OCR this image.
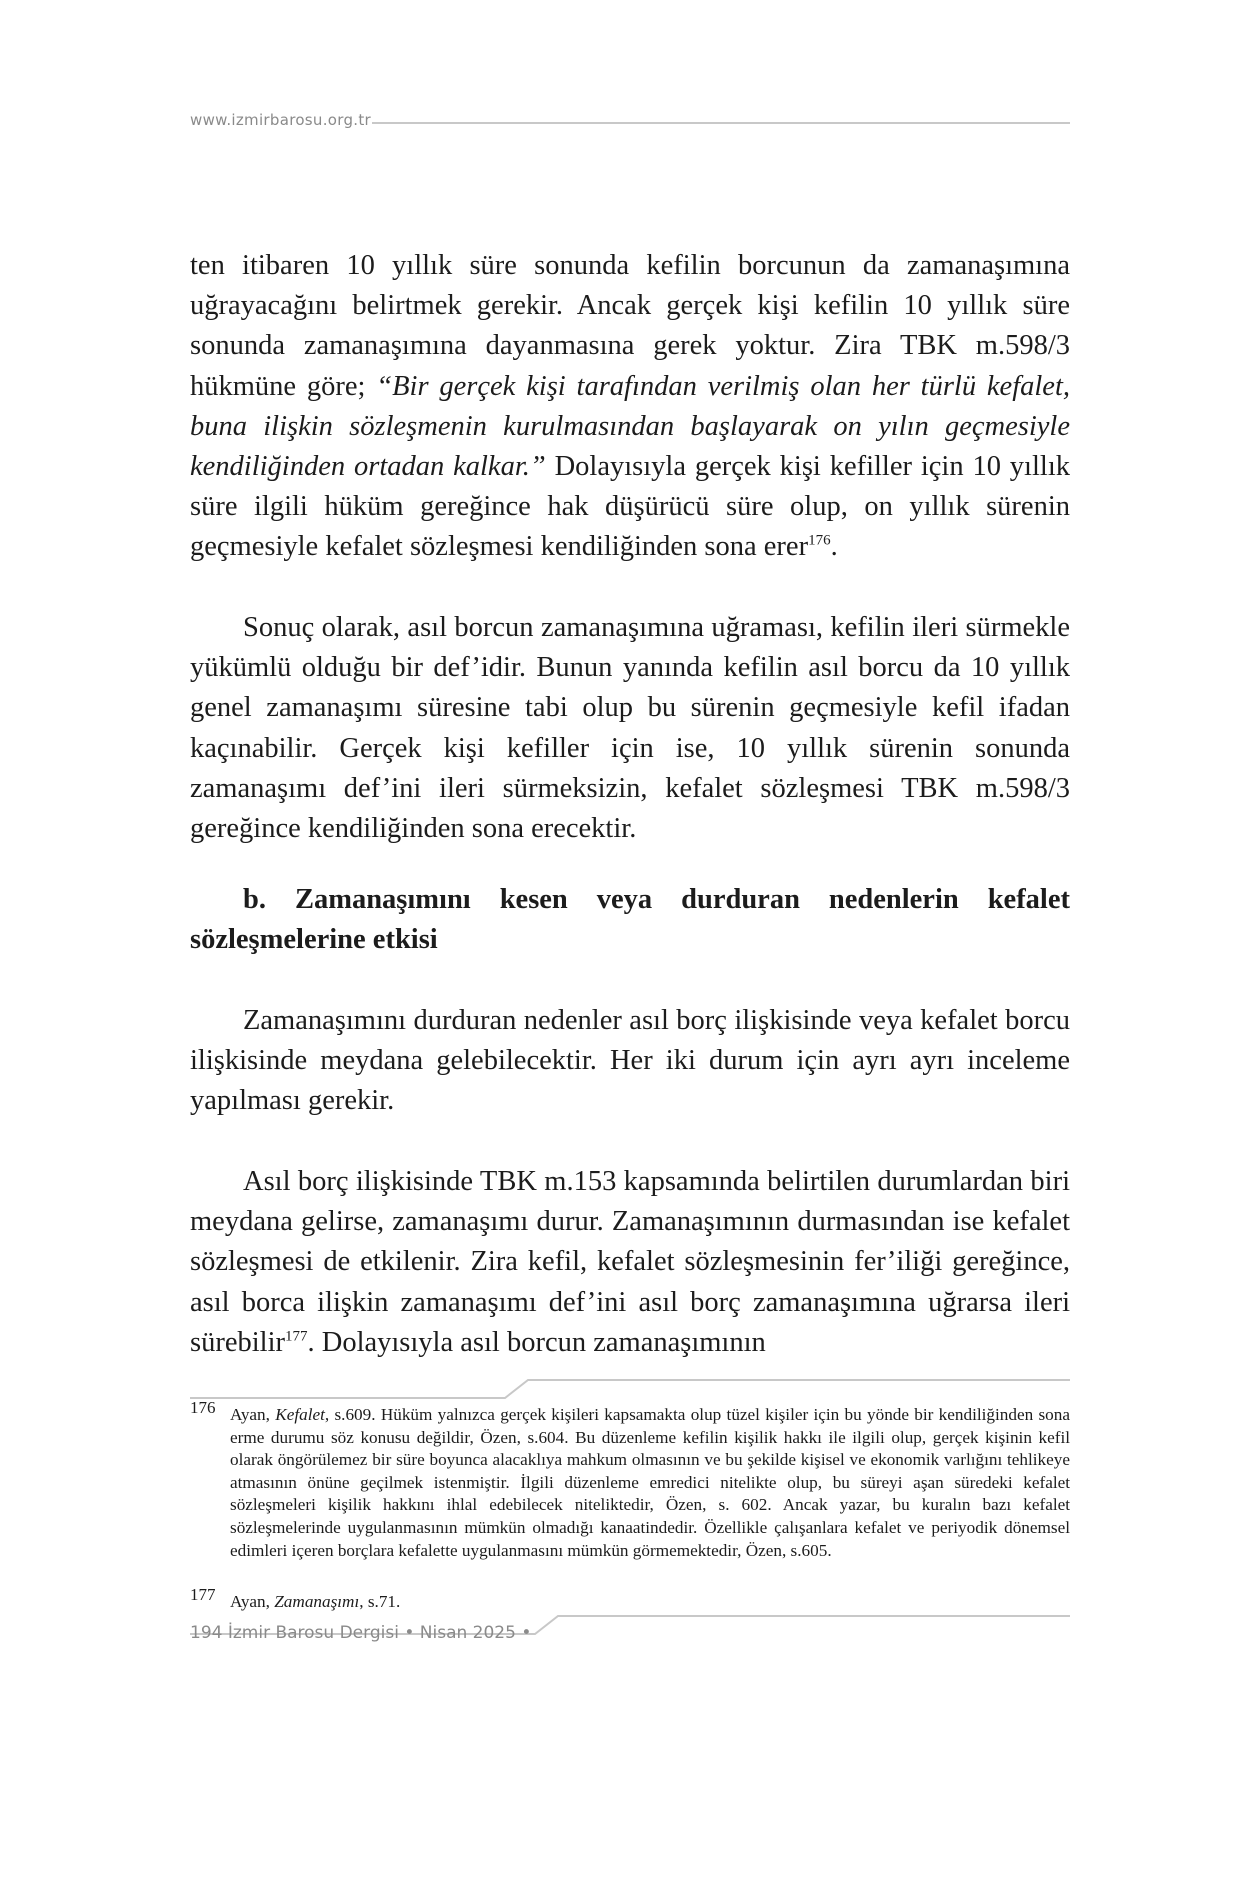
www.izmirbarosu.org.tr

ten itibaren 10 yıllık süre sonunda kefilin borcunun da zamanaşımına uğrayacağını belirtmek gerekir. Ancak gerçek kişi kefilin 10 yıllık süre sonunda zamanaşımına dayanmasına gerek yoktur. Zira TBK m.598/3 hükmüne göre; “Bir gerçek kişi tarafından verilmiş olan her türlü kefalet, buna ilişkin sözleşmenin kurulmasından başlayarak on yılın geçmesiyle kendiliğinden ortadan kalkar.” Dolayısıyla gerçek kişi kefiller için 10 yıllık süre ilgili hüküm gereğince hak düşürücü süre olup, on yıllık sürenin geçmesiyle kefalet sözleşmesi kendiliğinden sona erer$^{176}$.

Sonuç olarak, asıl borcun zamanaşımına uğraması, kefilin ileri sürmekle yükümlü olduğu bir def’idir. Bunun yanında kefilin asıl borcu da 10 yıllık genel zamanaşımı süresine tabi olup bu sürenin geçmesiyle kefil ifadan kaçınabilir. Gerçek kişi kefiller için ise, 10 yıllık sürenin sonunda zamanaşımı def’ini ileri sürmeksizin, kefalet sözleşmesi TBK m.598/3 gereğince kendiliğinden sona erecektir.

b. Zamanaşımını kesen veya durduran nedenlerin kefalet sözleşmelerine etkisi

Zamanaşımını durduran nedenler asıl borç ilişkisinde veya kefalet borcu ilişkisinde meydana gelebilecektir. Her iki durum için ayrı ayrı inceleme yapılması gerekir.

Asıl borç ilişkisinde TBK m.153 kapsamında belirtilen durumlardan biri meydana gelirse, zamanaşımı durur. Zamanaşımının durmasından ise kefalet sözleşmesi de etkilenir. Zira kefil, kefalet sözleşmesinin fer’iliği gereğince, asıl borca ilişkin zamanaşımı def’ini asıl borç zamanaşımına uğrarsa ileri sürebilir$^{177}$. Dolayısıyla asıl borcun zamanaşımının

176 Ayan, Kefalet, s.609. Hüküm yalnızca gerçek kişileri kapsamakta olup tüzel kişiler için bu yönde bir kendiliğinden sona erme durumu söz konusu değildir, Özen, s.604. Bu düzenleme kefilin kişilik hakkı ile ilgili olup, gerçek kişinin kefil olarak öngörülemez bir süre boyunca alacaklıya mahkum olmasının ve bu şekilde kişisel ve ekonomik varlığını tehlikeye atmasının önüne geçilmek istenmiştir. İlgili düzenleme emredici nitelikte olup, bu süreyi aşan süredeki kefalet sözleşmeleri kişilik hakkını ihlal edebilecek niteliktedir, Özen, s. 602. Ancak yazar, bu kuralın bazı kefalet sözleşmelerinde uygulanmasının mümkün olmadığı kanaatindedir. Özellikle çalışanlara kefalet ve periyodik dönemsel edimleri içeren borçlara kefalette uygulanmasını mümkün görmemektedir, Özen, s.605.

177 Ayan, Zamanaşımı, s.71.

194 İzmir Barosu Dergisi • Nisan 2025 •
